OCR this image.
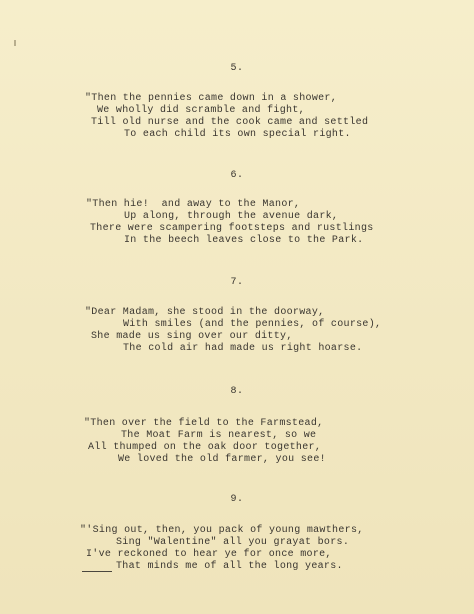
5.
"Then the pennies came down in a shower,
We wholly did scramble and fight,
Till old nurse and the cook came and settled
To each child its own special right.
6.
"Then hie!  and away to the Manor,
Up along, through the avenue dark,
There were scampering footsteps and rustlings
In the beech leaves close to the Park.
7.
"Dear Madam, she stood in the doorway,
With smiles (and the pennies, of course),
She made us sing over our ditty,
The cold air had made us right hoarse.
8.
"Then over the field to the Farmstead,
The Moat Farm is nearest, so we
All thumped on the oak door together,
We loved the old farmer, you see!
9.
"'Sing out, then, you pack of young mawthers,
Sing "Walentine" all you grayat bors.
I've reckoned to hear ye for once more,
That minds me of all the long years.
